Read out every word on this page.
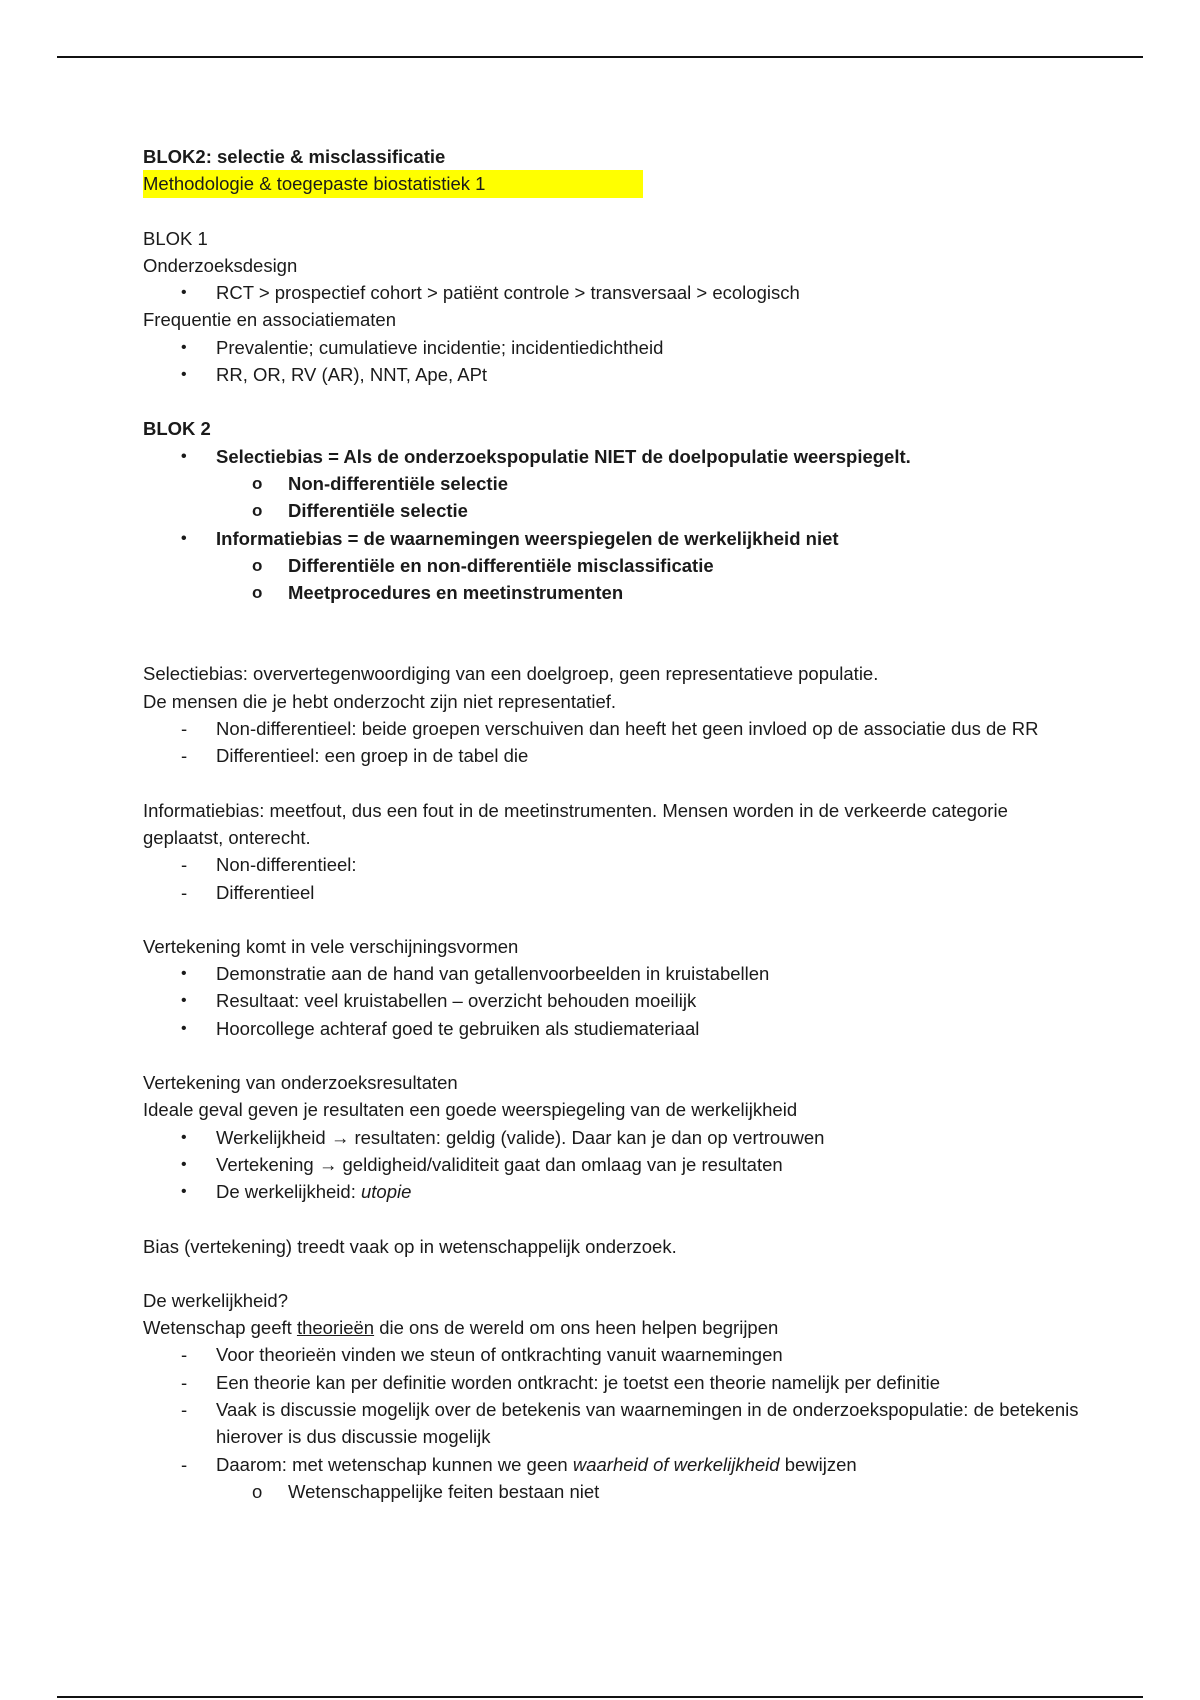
BLOK2: selectie & misclassificatie

Methodologie & toegepaste biostatistiek 1

BLOK 1

Onderzoeksdesign

•	RCT > prospectief cohort > patiënt controle > transversaal > ecologisch

Frequentie en associatiematen

•	Prevalentie; cumulatieve incidentie; incidentiedichtheid
•	RR, OR, RV (AR), NNT, Ape, APt

BLOK 2

•	Selectiebias = Als de onderzoekspopulatie NIET de doelpopulatie weerspiegelt.
o	Non-differentiële selectie
o	Differentiële selectie
•	Informatiebias = de waarnemingen weerspiegelen de werkelijkheid niet
o	Differentiële en non-differentiële misclassificatie
o	Meetprocedures en meetinstrumenten

Selectiebias: oververtegenwoordiging van een doelgroep, geen representatieve populatie.

De mensen die je hebt onderzocht zijn niet representatief.

-	Non-differentieel: beide groepen verschuiven dan heeft het geen invloed op de associatie dus de RR
-	Differentieel: een groep in de tabel die

Informatiebias: meetfout, dus een fout in de meetinstrumenten. Mensen worden in de verkeerde categorie geplaatst, onterecht.

-	Non-differentieel:
-	Differentieel

Vertekening komt in vele verschijningsvormen

•	Demonstratie aan de hand van getallenvoorbeelden in kruistabellen
•	Resultaat: veel kruistabellen – overzicht behouden moeilijk
•	Hoorcollege achteraf goed te gebruiken als studiemateriaal

Vertekening van onderzoeksresultaten

Ideale geval geven je resultaten een goede weerspiegeling van de werkelijkheid

•	Werkelijkheid → resultaten: geldig (valide). Daar kan je dan op vertrouwen
•	Vertekening → geldigheid/validiteit gaat dan omlaag van je resultaten
•	De werkelijkheid: utopie

Bias (vertekening) treedt vaak op in wetenschappelijk onderzoek.

De werkelijkheid?

Wetenschap geeft theorieën die ons de wereld om ons heen helpen begrijpen

-	Voor theorieën vinden we steun of ontkrachting vanuit waarnemingen
-	Een theorie kan per definitie worden ontkracht: je toetst een theorie namelijk per definitie
-	Vaak is discussie mogelijk over de betekenis van waarnemingen in de onderzoekspopulatie: de betekenis hierover is dus discussie mogelijk
-	Daarom: met wetenschap kunnen we geen waarheid of werkelijkheid bewijzen
o	Wetenschappelijke feiten bestaan niet
